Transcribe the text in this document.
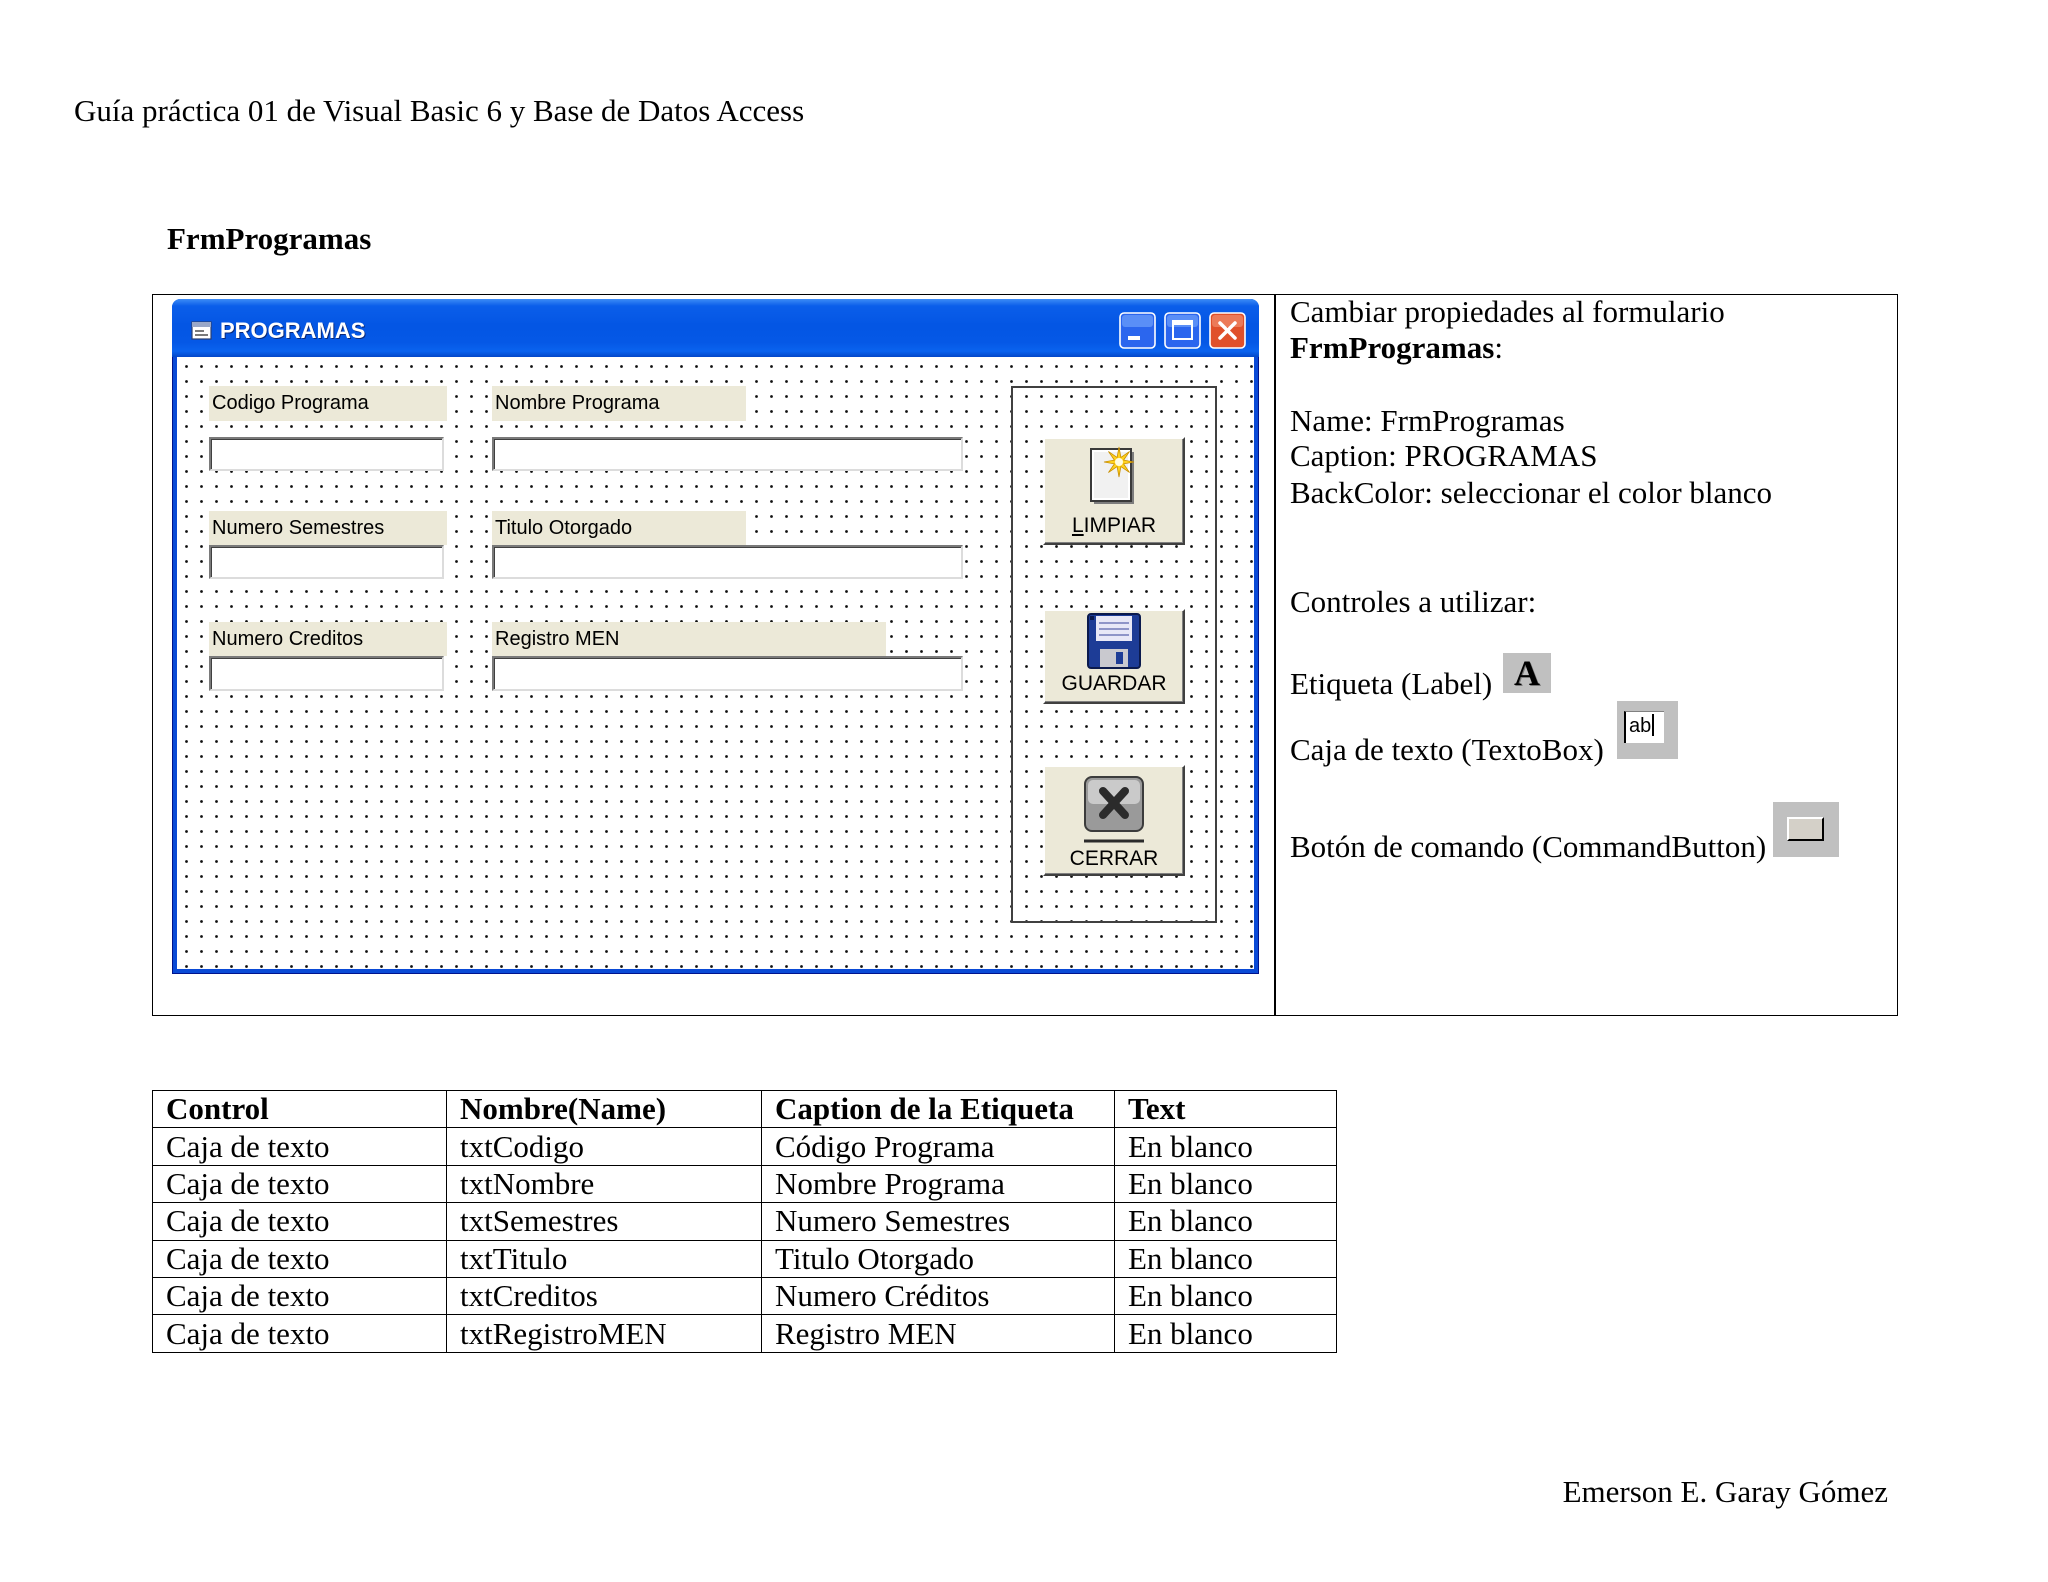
Guía práctica 01 de Visual Basic 6 y Base de Datos Access
FrmProgramas
PROGRAMAS
Codigo Programa	Nombre Programa
Numero Semestres	Titulo Otorgado
Numero Creditos	Registro MEN
LIMPIAR
GUARDAR
CERRAR
Cambiar propiedades al formulario
FrmProgramas:
Name: FrmProgramas
Caption: PROGRAMAS
BackColor: seleccionar el color blanco
Controles a utilizar:
Etiqueta (Label) A
Caja de texto (TextoBox)
ab
Botón de comando (CommandButton)
Control	Nombre(Name)	Caption de la Etiqueta	Text
Caja de texto	txtCodigo	Código Programa	En blanco
Caja de texto	txtNombre	Nombre Programa	En blanco
Caja de texto	txtSemestres	Numero Semestres	En blanco
Caja de texto	txtTitulo	Titulo Otorgado	En blanco
Caja de texto	txtCreditos	Numero Créditos	En blanco
Caja de texto	txtRegistroMEN	Registro MEN	En blanco
Emerson E. Garay Gómez
